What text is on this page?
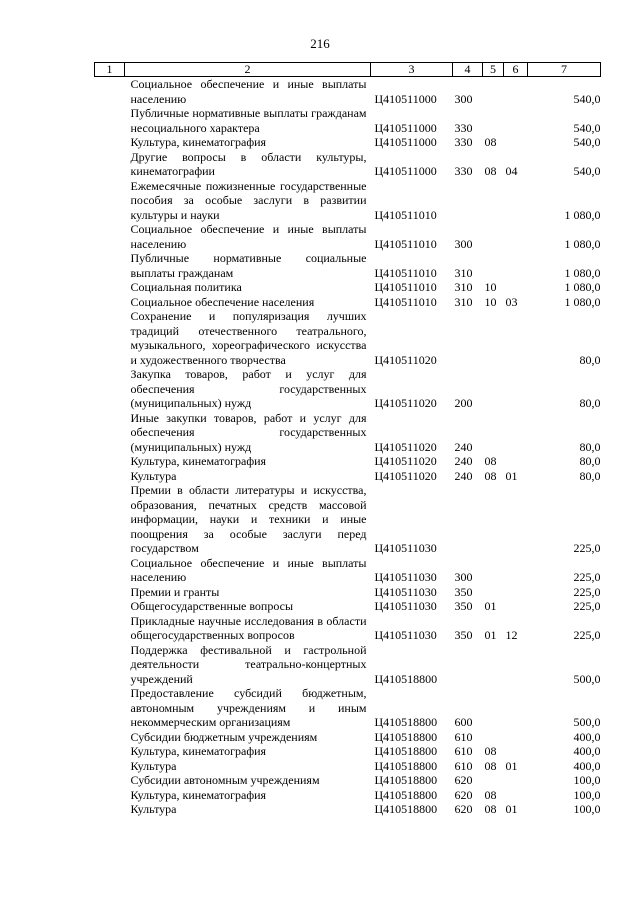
216
1	2	3	4	5	6	7
	Социальное обеспечение и иные выплаты населению	Ц410511000	300			540,0
	Публичные нормативные выплаты гражданам несоциального характера	Ц410511000	330			540,0
	Культура, кинематография	Ц410511000	330	08		540,0
	Другие вопросы в области культуры, кинематографии	Ц410511000	330	08	04	540,0
	Ежемесячные пожизненные государственные пособия за особые заслуги в развитии культуры и науки	Ц410511010				1 080,0
	Социальное обеспечение и иные выплаты населению	Ц410511010	300			1 080,0
	Публичные нормативные социальные выплаты гражданам	Ц410511010	310			1 080,0
	Социальная политика	Ц410511010	310	10		1 080,0
	Социальное обеспечение населения	Ц410511010	310	10	03	1 080,0
	Сохранение и популяризация лучших традиций отечественного театрального, музыкального, хореографического искусства и художественного творчества	Ц410511020				80,0
	Закупка товаров, работ и услуг для обеспечения государственных (муниципальных) нужд	Ц410511020	200			80,0
	Иные закупки товаров, работ и услуг для обеспечения государственных (муниципальных) нужд	Ц410511020	240			80,0
	Культура, кинематография	Ц410511020	240	08		80,0
	Культура	Ц410511020	240	08	01	80,0
	Премии в области литературы и искусства, образования, печатных средств массовой информации, науки и техники и иные поощрения за особые заслуги перед государством	Ц410511030				225,0
	Социальное обеспечение и иные выплаты населению	Ц410511030	300			225,0
	Премии и гранты	Ц410511030	350			225,0
	Общегосударственные вопросы	Ц410511030	350	01		225,0
	Прикладные научные исследования в области общегосударственных вопросов	Ц410511030	350	01	12	225,0
	Поддержка фестивальной и гастрольной деятельности театрально-концертных учреждений	Ц410518800				500,0
	Предоставление субсидий бюджетным, автономным учреждениям и иным некоммерческим организациям	Ц410518800	600			500,0
	Субсидии бюджетным учреждениям	Ц410518800	610			400,0
	Культура, кинематография	Ц410518800	610	08		400,0
	Культура	Ц410518800	610	08	01	400,0
	Субсидии автономным учреждениям	Ц410518800	620			100,0
	Культура, кинематография	Ц410518800	620	08		100,0
	Культура	Ц410518800	620	08	01	100,0
